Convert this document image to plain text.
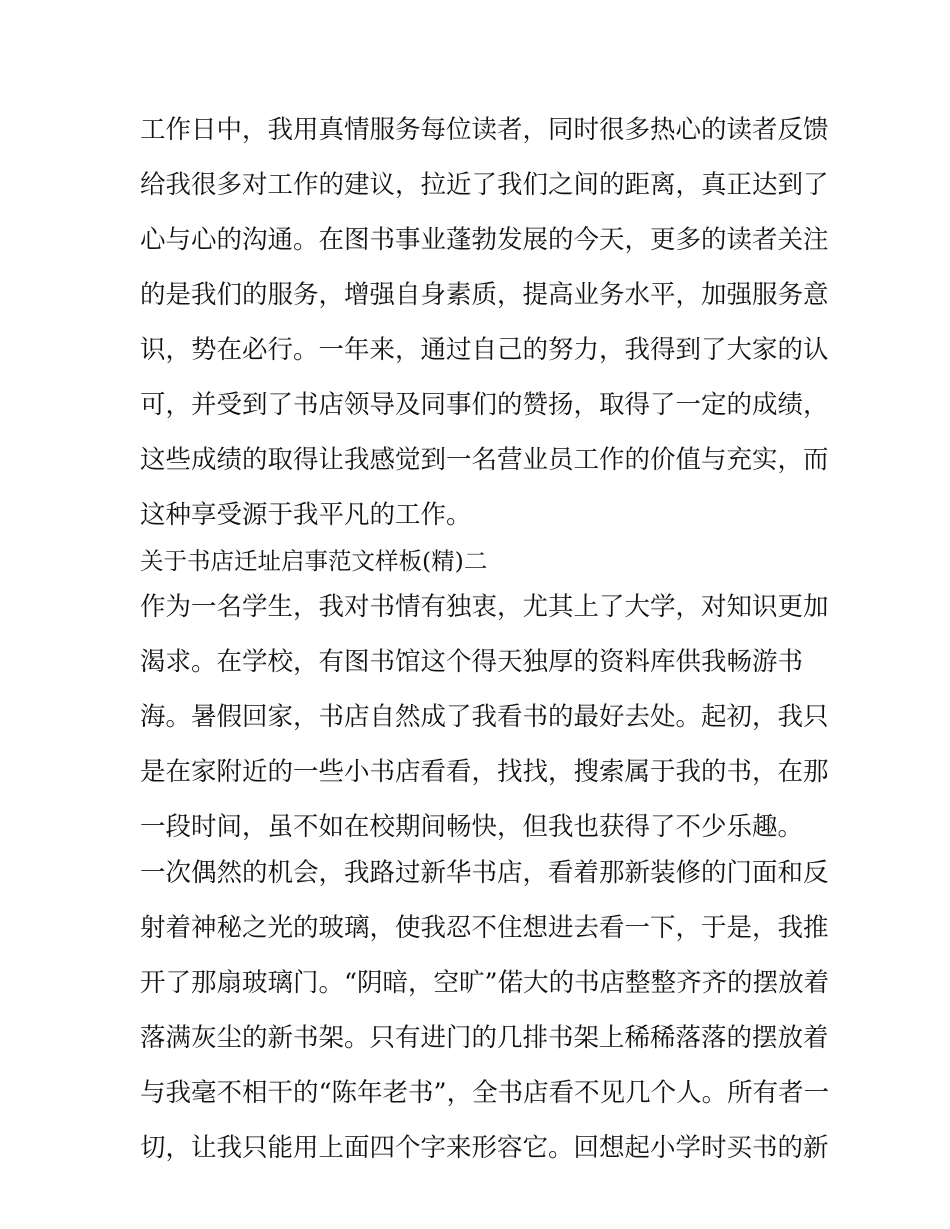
工作日中，我用真情服务每位读者，同时很多热心的读者反馈
给我很多对工作的建议，拉近了我们之间的距离，真正达到了
心与心的沟通。在图书事业蓬勃发展的今天，更多的读者关注
的是我们的服务，增强自身素质，提高业务水平，加强服务意
识，势在必行。一年来，通过自己的努力，我得到了大家的认
可，并受到了书店领导及同事们的赞扬，取得了一定的成绩，
这些成绩的取得让我感觉到一名营业员工作的价值与充实，而
这种享受源于我平凡的工作。
关于书店迁址启事范文样板(精)二
作为一名学生，我对书情有独衷，尤其上了大学，对知识更加
渴求。在学校，有图书馆这个得天独厚的资料库供我畅游书
海。暑假回家，书店自然成了我看书的最好去处。起初，我只
是在家附近的一些小书店看看，找找，搜索属于我的书，在那
一段时间，虽不如在校期间畅快，但我也获得了不少乐趣。
一次偶然的机会，我路过新华书店，看着那新装修的门面和反
射着神秘之光的玻璃，使我忍不住想进去看一下，于是，我推
开了那扇玻璃门。“阴暗，空旷”偌大的书店整整齐齐的摆放着
落满灰尘的新书架。只有进门的几排书架上稀稀落落的摆放着
与我毫不相干的“陈年老书”，全书店看不见几个人。所有者一
切，让我只能用上面四个字来形容它。回想起小学时买书的新
